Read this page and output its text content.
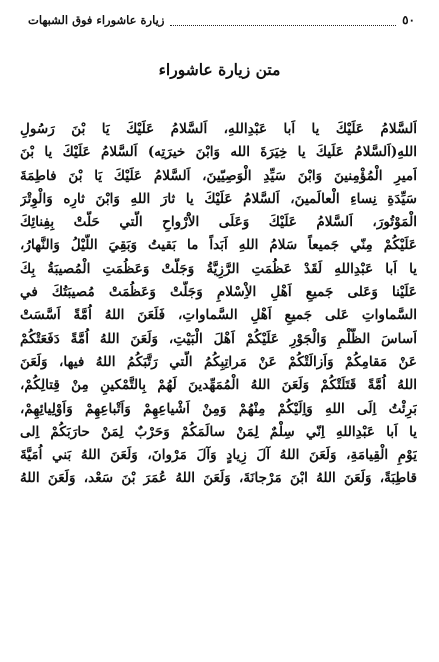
٥٠
زيارة عاشوراء فوق الشبهات
متن زيارة عاشوراء
اَلسَّلامُ عَلَيْكَ يا اَبا عَبْدِاللهِ، اَلسَّلامُ عَلَيْكَ يَا بْنَ رَسُولِ
اللهِ(اَلسَّلامُ عَلَيكَ يا خِيَرَةَ الله وَابْنَ خيرَتِه) اَلسَّلامُ عَلَيْكَ يا بْنَ
اَميرِ الْمُؤْمِنينَ وَابْنَ سَيِّدِ الْوَصِيّينَ، اَلسَّلامُ عَلَيْكَ يَا بْنَ فاطِمَةَ
سَيِّدَةِ نِساءِ الْعالَمينَ، اَلسَّلامُ عَلَيْكَ يا ثارَ اللهِ وَابْنَ ثارِه وَالْوِتْرَ
الْمَوْتُورَ، اَلسَّلامُ عَلَيْكَ وَعَلَى الاَْرْواحِ الَّتي حَلَّتْ بِفِنائِكَ
عَلَيْكُمْ مِنّي جَميعاً سَلامُ اللهِ اَبَداً ما بَقيتُ وَبَقِيَ اللَّيْلُ وَالنَّهارُ،
يا اَبا عَبْدِاللهِ لَقَدْ عَظُمَتِ الرَّزِيَّةُ وَجَلَّتْ وَعَظُمَتِ الْمُصيبَةُ بِكَ
عَلَيْنا وَعَلى جَميعِ اَهْلِ الاِْسْلامِ وَجَلَّتْ وَعَظُمَتْ مُصيبَتُكَ في
السَّماواتِ عَلى جَميعِ اَهْلِ السَّماواتِ، فَلَعَنَ اللهُ اُمَّةً اَسَّسَتْ
اَساسَ الظُّلْمِ وَالْجَوْرِ عَلَيْكُمْ اَهْلَ الْبَيْتِ، وَلَعَنَ اللهُ اُمَّةً دَفَعَتْكُمْ
عَنْ مَقامِكُمْ وَاَزالَتْكُمْ عَنْ مَراتِبِكُمُ الَّتي رَتَّبَكُمُ اللهُ فيها، وَلَعَنَ
اللهُ اُمَّةً قَتَلَتْكُمْ وَلَعَنَ اللهُ الْمُمَهِّدينَ لَهُمْ بِالتَّمْكينِ مِنْ قِتالِكُمْ،
بَرِئْتُ اِلَى اللهِ وَاِلَيْكُمْ مِنْهُمْ وَمِنْ اَشْياعِهِمْ وَاَتْباعِهِمْ وَاَوْلِيائِهِمْ،
يا اَبا عَبْدِاللهِ اِنّي سِلْمٌ لِمَنْ سالَمَكُمْ وَحَرْبٌ لِمَنْ حارَبَكُمْ اِلى
يَوْمِ الْقِيامَةِ، وَلَعَنَ اللهُ آلَ زِيادٍ وَآلَ مَرْوانَ، وَلَعَنَ اللهُ بَني اُمَيَّةَ
قاطِبَةً، وَلَعَنَ اللهُ ابْنَ مَرْجانَةَ، وَلَعَنَ اللهُ عُمَرَ بْنَ سَعْد، وَلَعَنَ اللهُ
